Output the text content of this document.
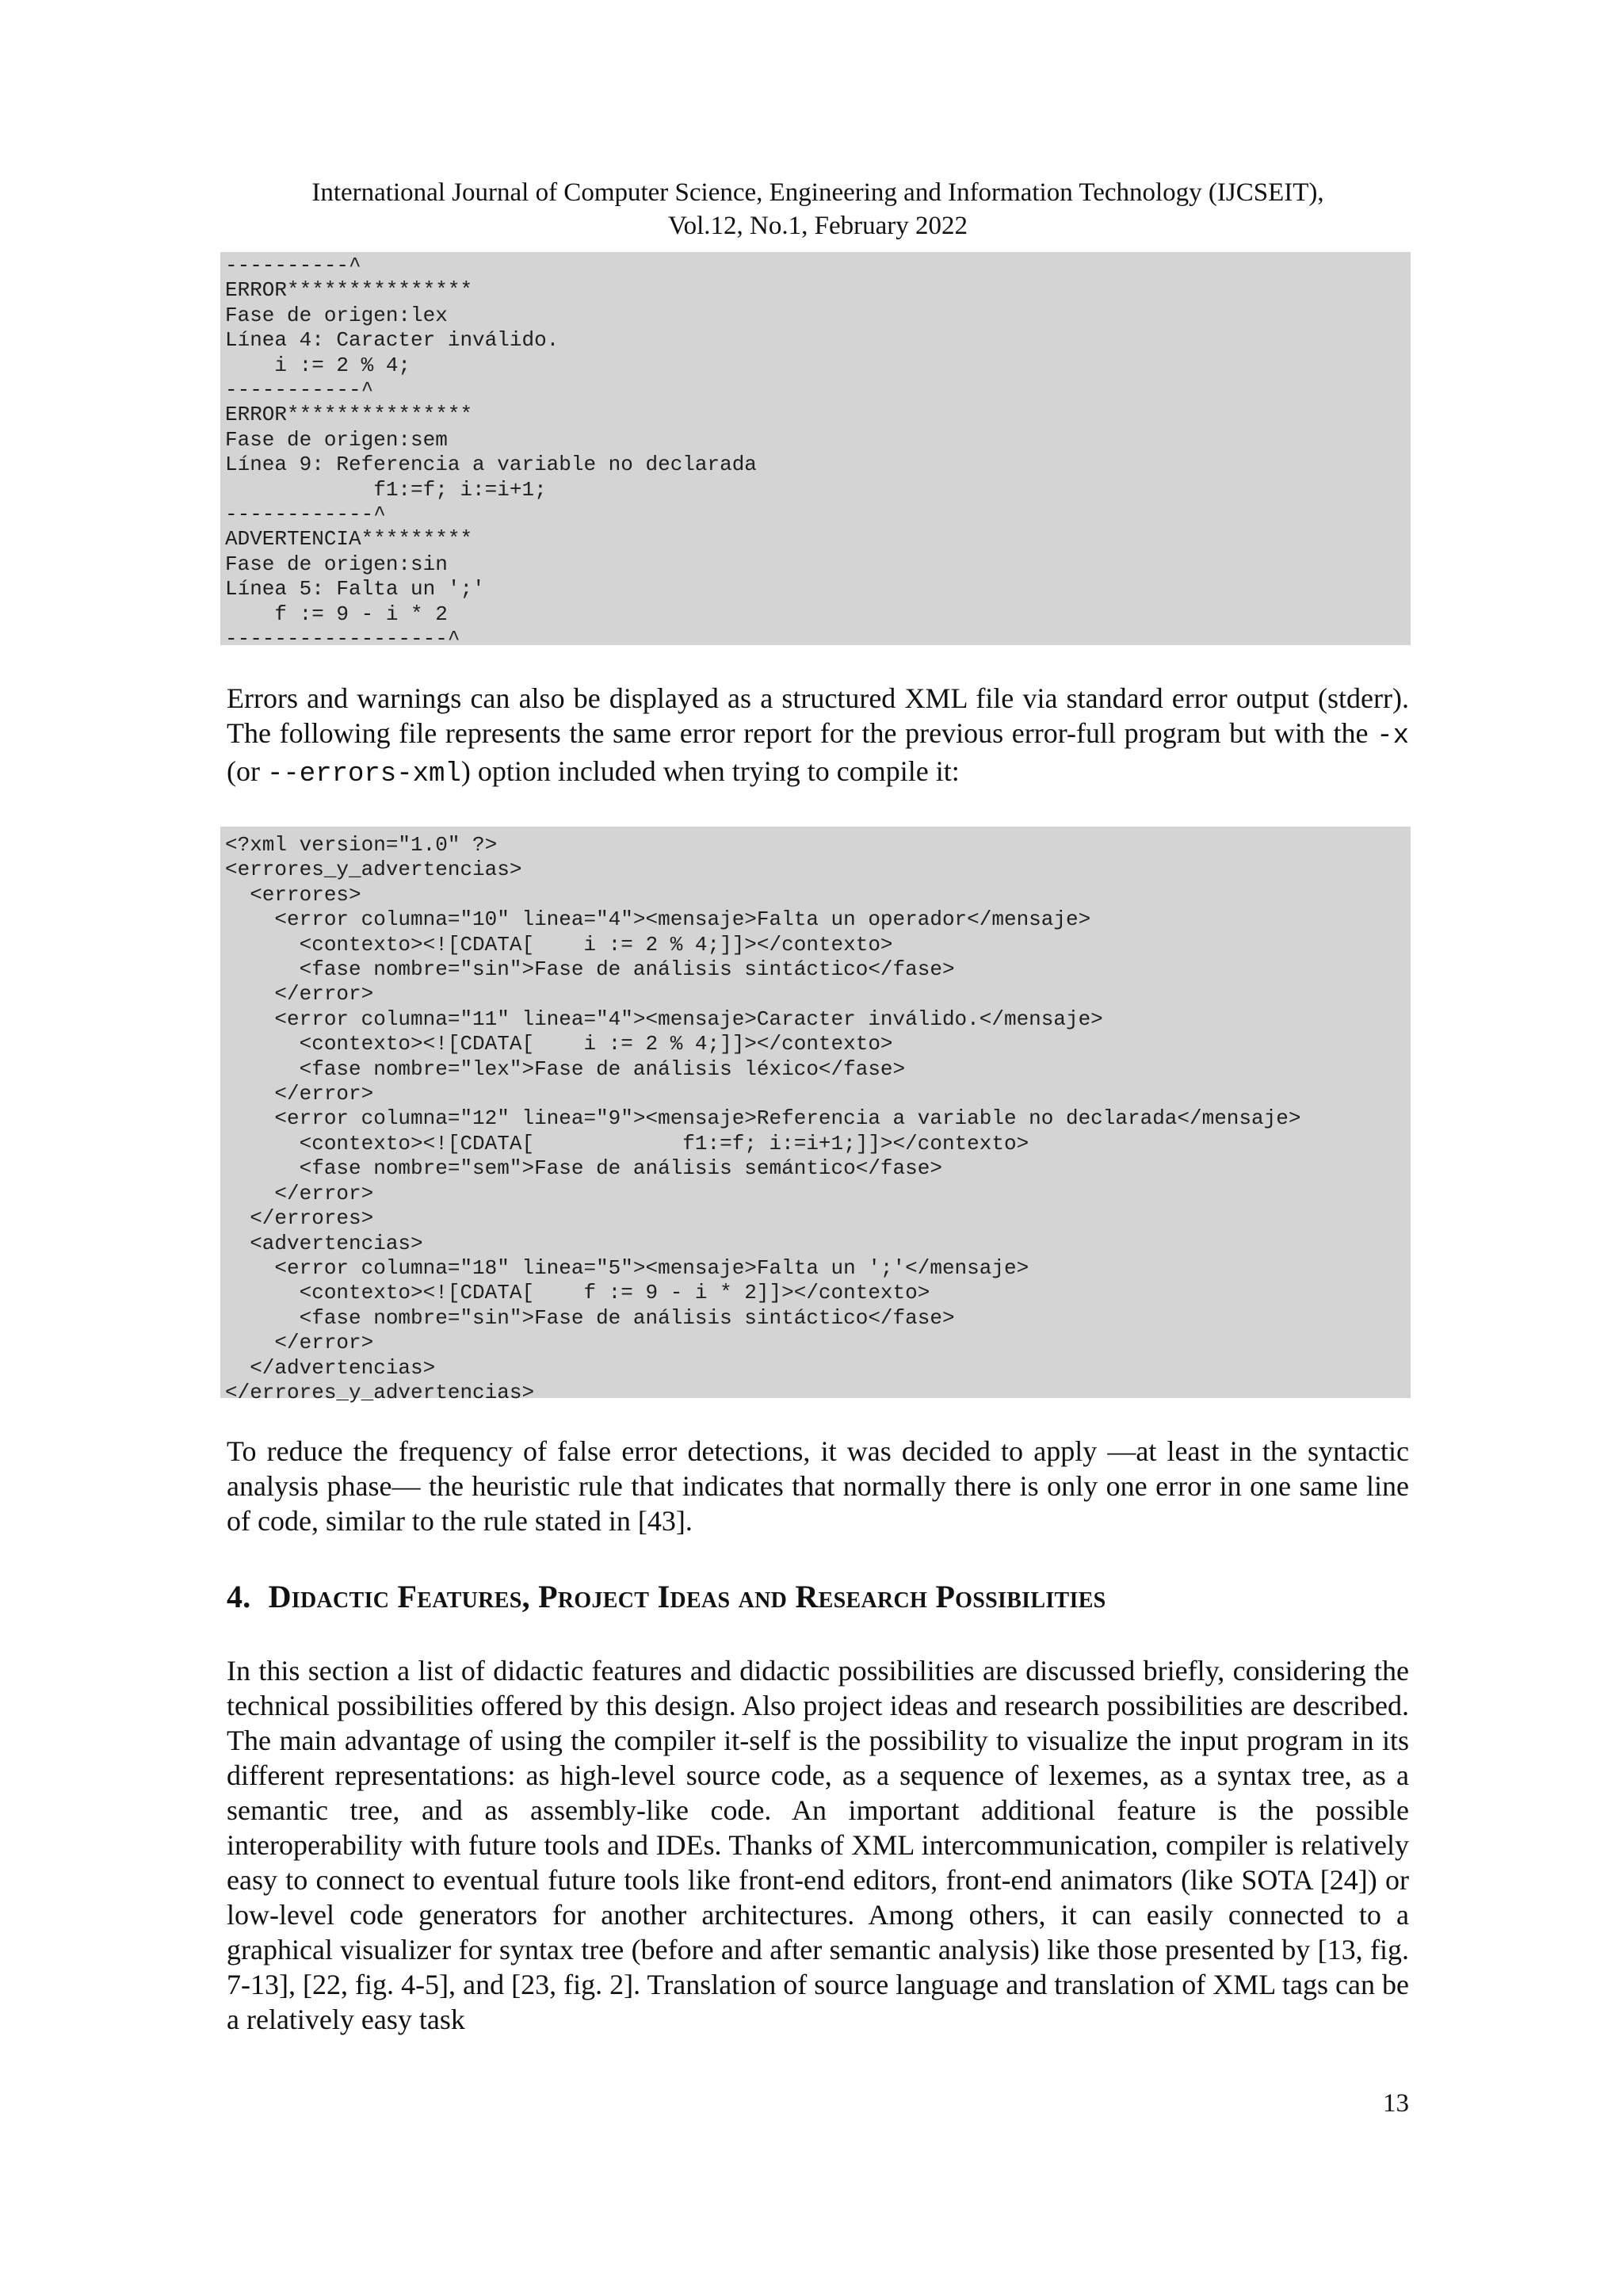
International Journal of Computer Science, Engineering and Information Technology (IJCSEIT),
Vol.12, No.1, February 2022
----------^
ERROR***************
Fase de origen:lex
Línea 4: Caracter inválido.
i := 2 % 4;
-----------^
ERROR***************
Fase de origen:sem
Línea 9: Referencia a variable no declarada
f1:=f; i:=i+1;
------------^
ADVERTENCIA*********
Fase de origen:sin
Línea 5: Falta un ';'
f := 9 - i * 2
------------------^

Errors and warnings can also be displayed as a structured XML file via standard error output (stderr). The following file represents the same error report for the previous error-full program but with the -x (or --errors-xml) option included when trying to compile it:

<?xml version="1.0" ?>
<errores_y_advertencias>
<errores>
<error columna="10" linea="4"><mensaje>Falta un operador</mensaje>
<contexto><![CDATA[    i := 2 % 4;]]></contexto>
<fase nombre="sin">Fase de análisis sintáctico</fase>
</error>
<error columna="11" linea="4"><mensaje>Caracter inválido.</mensaje>
<contexto><![CDATA[    i := 2 % 4;]]></contexto>
<fase nombre="lex">Fase de análisis léxico</fase>
</error>
<error columna="12" linea="9"><mensaje>Referencia a variable no declarada</mensaje>
<contexto><![CDATA[            f1:=f; i:=i+1;]]></contexto>
<fase nombre="sem">Fase de análisis semántico</fase>
</error>
</errores>
<advertencias>
<error columna="18" linea="5"><mensaje>Falta un ';'</mensaje>
<contexto><![CDATA[    f := 9 - i * 2]]></contexto>
<fase nombre="sin">Fase de análisis sintáctico</fase>
</error>
</advertencias>
</errores_y_advertencias>

To reduce the frequency of false error detections, it was decided to apply —at least in the syntactic analysis phase— the heuristic rule that indicates that normally there is only one error in one same line of code, similar to the rule stated in [43].

4. Didactic Features, Project Ideas and Research Possibilities

In this section a list of didactic features and didactic possibilities are discussed briefly, considering the technical possibilities offered by this design. Also project ideas and research possibilities are described. The main advantage of using the compiler it-self is the possibility to visualize the input program in its different representations: as high-level source code, as a sequence of lexemes, as a syntax tree, as a semantic tree, and as assembly-like code. An important additional feature is the possible interoperability with future tools and IDEs. Thanks of XML intercommunication, compiler is relatively easy to connect to eventual future tools like front-end editors, front-end animators (like SOTA [24]) or low-level code generators for another architectures. Among others, it can easily connected to a graphical visualizer for syntax tree (before and after semantic analysis) like those presented by [13, fig. 7-13], [22, fig. 4-5], and [23, fig. 2]. Translation of source language and translation of XML tags can be a relatively easy task

13
